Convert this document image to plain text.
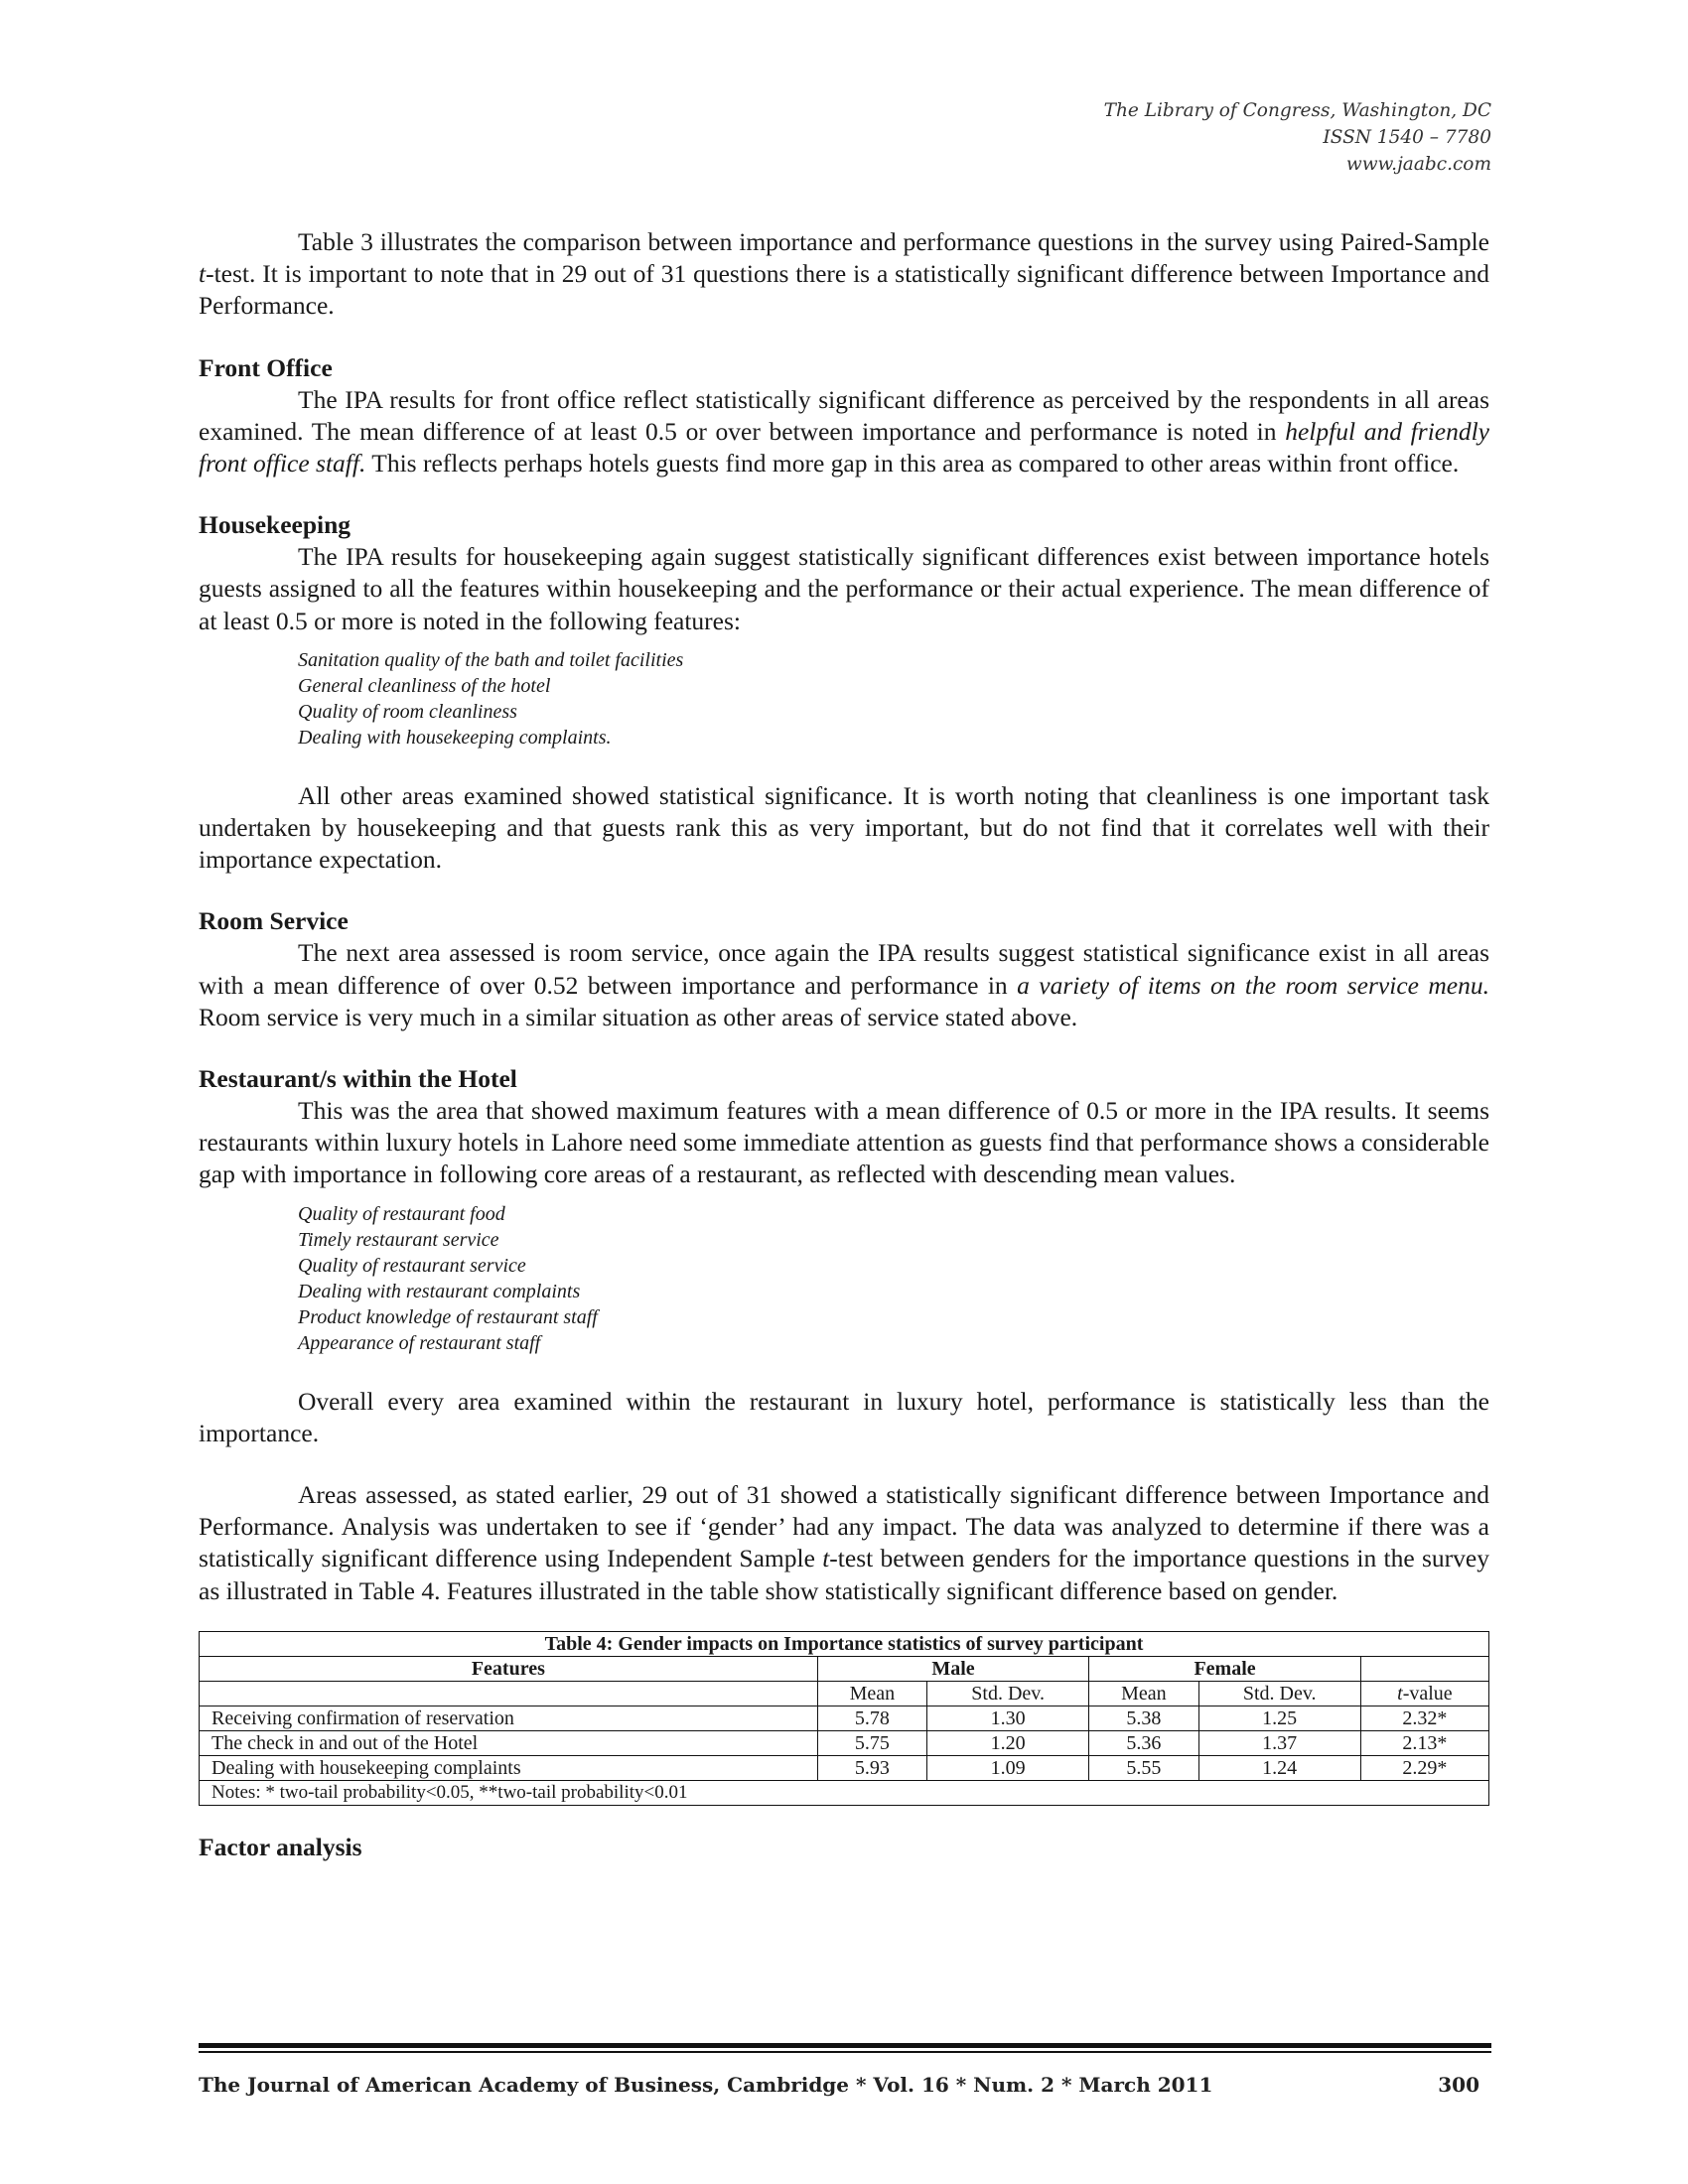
The Library of Congress, Washington, DC
ISSN 1540 – 7780
www.jaabc.com

Table 3 illustrates the comparison between importance and performance questions in the survey using Paired-Sample t-test. It is important to note that in 29 out of 31 questions there is a statistically significant difference between Importance and Performance.

Front Office

The IPA results for front office reflect statistically significant difference as perceived by the respondents in all areas examined. The mean difference of at least 0.5 or over between importance and performance is noted in helpful and friendly front office staff. This reflects perhaps hotels guests find more gap in this area as compared to other areas within front office.

Housekeeping

The IPA results for housekeeping again suggest statistically significant differences exist between importance hotels guests assigned to all the features within housekeeping and the performance or their actual experience. The mean difference of at least 0.5 or more is noted in the following features:

Sanitation quality of the bath and toilet facilities
General cleanliness of the hotel
Quality of room cleanliness
Dealing with housekeeping complaints.

All other areas examined showed statistical significance. It is worth noting that cleanliness is one important task undertaken by housekeeping and that guests rank this as very important, but do not find that it correlates well with their importance expectation.

Room Service

The next area assessed is room service, once again the IPA results suggest statistical significance exist in all areas with a mean difference of over 0.52 between importance and performance in a variety of items on the room service menu. Room service is very much in a similar situation as other areas of service stated above.

Restaurant/s within the Hotel

This was the area that showed maximum features with a mean difference of 0.5 or more in the IPA results. It seems restaurants within luxury hotels in Lahore need some immediate attention as guests find that performance shows a considerable gap with importance in following core areas of a restaurant, as reflected with descending mean values.

Quality of restaurant food
Timely restaurant service
Quality of restaurant service
Dealing with restaurant complaints
Product knowledge of restaurant staff
Appearance of restaurant staff

Overall every area examined within the restaurant in luxury hotel, performance is statistically less than the importance.

Areas assessed, as stated earlier, 29 out of 31 showed a statistically significant difference between Importance and Performance. Analysis was undertaken to see if ‘gender’ had any impact. The data was analyzed to determine if there was a statistically significant difference using Independent Sample t-test between genders for the importance questions in the survey as illustrated in Table 4. Features illustrated in the table show statistically significant difference based on gender.

Table 4: Gender impacts on Importance statistics of survey participant					
Features	Male		Female		
	Mean	Std. Dev.	Mean	Std. Dev.	t-value
Receiving confirmation of reservation	5.78	1.30	5.38	1.25	2.32*
The check in and out of the Hotel	5.75	1.20	5.36	1.37	2.13*
Dealing with housekeeping complaints	5.93	1.09	5.55	1.24	2.29*
Notes: * two-tail probability<0.05, **two-tail probability<0.01					
Factor analysis
The Journal of American Academy of Business, Cambridge * Vol. 16 * Num. 2 * March 2011	300
